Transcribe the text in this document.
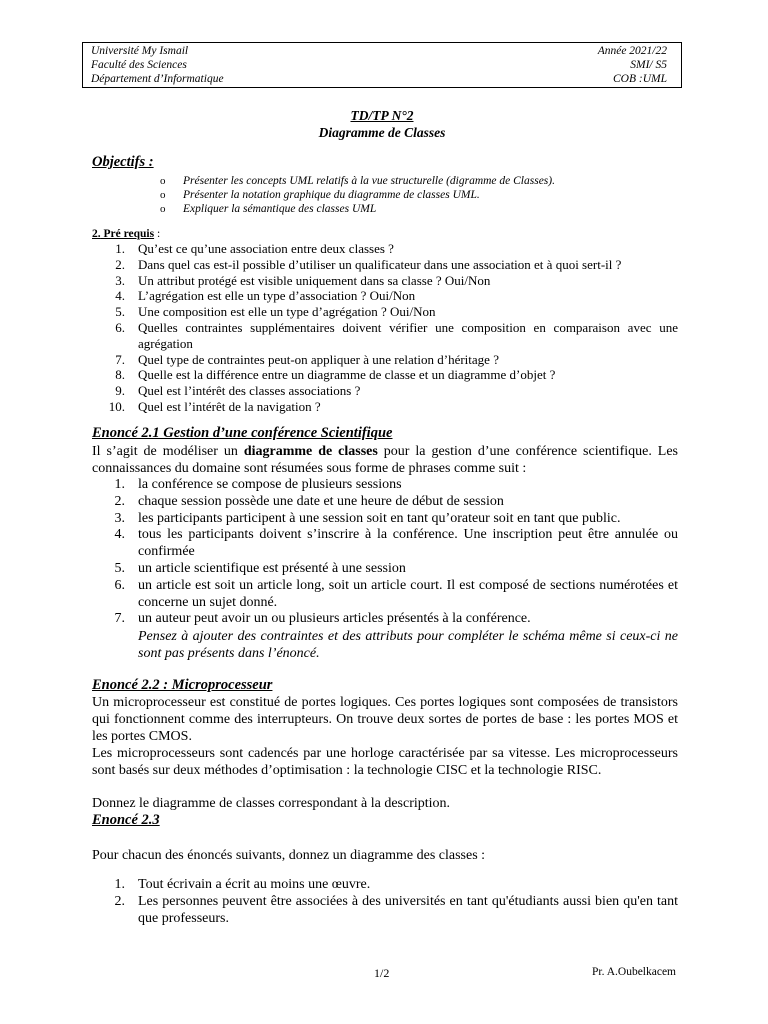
Université My Ismail
Faculté des Sciences
Département d’Informatique
Année 2021/22
SMI/ S5
COB :UML
TD/TP N°2
Diagramme de Classes
Objectifs :
o Présenter les concepts UML relatifs à la vue structurelle (digramme de Classes).
o Présenter la notation graphique du diagramme de classes UML.
o Expliquer la sémantique des classes UML
2. Pré requis :
1. Qu’est ce qu’une association entre deux classes ?
2. Dans quel cas est-il possible d’utiliser un qualificateur dans une association et à quoi sert-il ?
3. Un attribut protégé est visible uniquement dans sa classe ? Oui/Non
4. L’agrégation est elle un type d’association ? Oui/Non
5. Une composition est elle un type d’agrégation ? Oui/Non
6. Quelles contraintes supplémentaires doivent vérifier une composition en comparaison avec une agrégation
7. Quel type de contraintes peut-on appliquer à une relation d’héritage ?
8. Quelle est la différence entre un diagramme de classe et un diagramme d’objet ?
9. Quel est l’intérêt des classes associations ?
10. Quel est l’intérêt de la navigation ?
Enoncé 2.1 Gestion d’une conférence Scientifique

Il s’agit de modéliser un diagramme de classes pour la gestion d’une conférence scientifique. Les connaissances du domaine sont résumées sous forme de phrases comme suit :

1. la conférence se compose de plusieurs sessions
2. chaque session possède une date et une heure de début de session
3. les participants participent à une session soit en tant qu’orateur soit en tant que public.
4. tous les participants doivent s’inscrire à la conférence. Une inscription peut être annulée ou confirmée
5. un article scientifique est présenté à une session
6. un article est soit un article long, soit un article court. Il est composé de sections numérotées et concerne un sujet donné.
7. un auteur peut avoir un ou plusieurs articles présentés à la conférence.

Pensez à ajouter des contraintes et des attributs pour compléter le schéma même si ceux-ci ne sont pas présents dans l’énoncé.

Enoncé 2.2 : Microprocesseur

Un microprocesseur est constitué de portes logiques. Ces portes logiques sont composées de transistors qui fonctionnent comme des interrupteurs. On trouve deux sortes de portes de base : les portes MOS et les portes CMOS.

Les microprocesseurs sont cadencés par une horloge caractérisée par sa vitesse. Les microprocesseurs sont basés sur deux méthodes d’optimisation : la technologie CISC et la technologie RISC.

Donnez le diagramme de classes correspondant à la description.

Enoncé 2.3

Pour chacun des énoncés suivants, donnez un diagramme des classes :

1. Tout écrivain a écrit au moins une œuvre.
2. Les personnes peuvent être associées à des universités en tant qu'étudiants aussi bien qu'en tant que professeurs.
1/2	Pr. A.Oubelkacem
